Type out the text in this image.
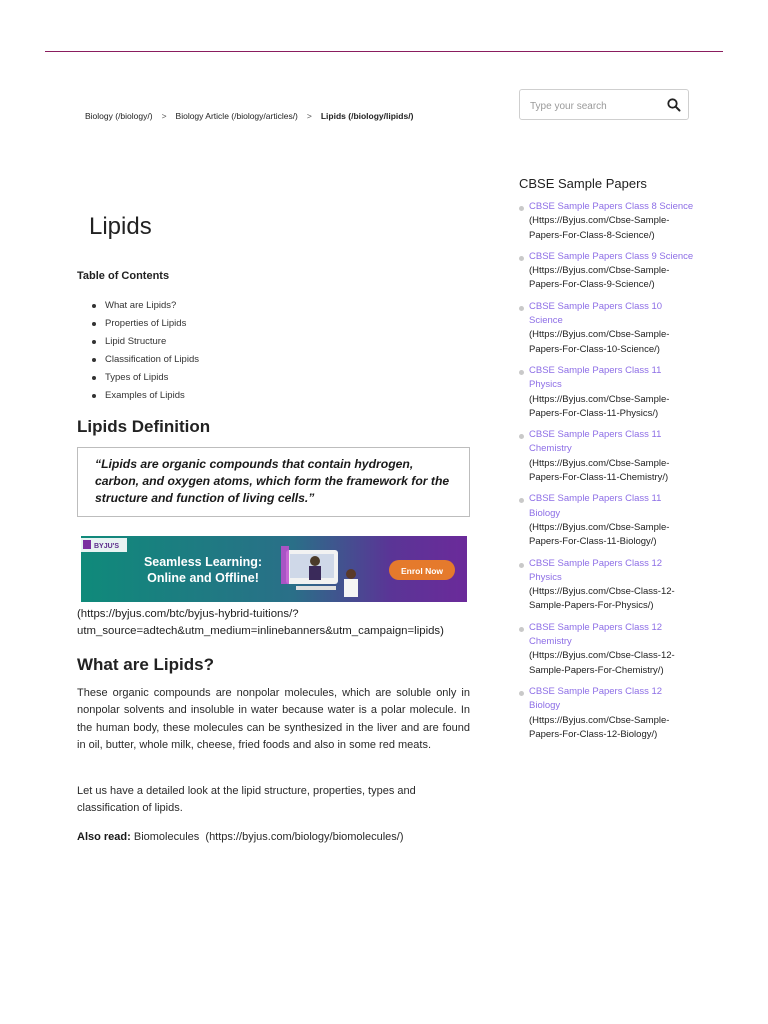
Biology (/biology/) > Biology Article (/biology/articles/) > Lipids (/biology/lipids/)
Type your search
Lipids
Table of Contents
What are Lipids?
Properties of Lipids
Lipid Structure
Classification of Lipids
Types of Lipids
Examples of Lipids
Lipids Definition
“Lipids are organic compounds that contain hydrogen, carbon, and oxygen atoms, which form the framework for the structure and function of living cells.”
BYJU'S
Seamless Learning:
Online and Offline!	Enrol Now
(https://byjus.com/btc/byjus-hybrid-tuitions/?utm_source=adtech&utm_medium=inlinebanners&utm_campaign=lipids)
What are Lipids?

These organic compounds are nonpolar molecules, which are soluble only in nonpolar solvents and insoluble in water because water is a polar molecule. In the human body, these molecules can be synthesized in the liver and are found in oil, butter, whole milk, cheese, fried foods and also in some red meats.

Let us have a detailed look at the lipid structure, properties, types and classification of lipids.

Also read: Biomolecules (https://byjus.com/biology/biomolecules/)
CBSE Sample Papers
CBSE Sample Papers Class 8 Science
(Https://Byjus.com/Cbse-Sample-Papers-For-Class-8-Science/)
CBSE Sample Papers Class 9 Science
(Https://Byjus.com/Cbse-Sample-Papers-For-Class-9-Science/)
CBSE Sample Papers Class 10 Science
(Https://Byjus.com/Cbse-Sample-Papers-For-Class-10-Science/)
CBSE Sample Papers Class 11 Physics
(Https://Byjus.com/Cbse-Sample-Papers-For-Class-11-Physics/)
CBSE Sample Papers Class 11 Chemistry
(Https://Byjus.com/Cbse-Sample-Papers-For-Class-11-Chemistry/)
CBSE Sample Papers Class 11 Biology
(Https://Byjus.com/Cbse-Sample-Papers-For-Class-11-Biology/)
CBSE Sample Papers Class 12 Physics
(Https://Byjus.com/Cbse-Class-12-Sample-Papers-For-Physics/)
CBSE Sample Papers Class 12 Chemistry
(Https://Byjus.com/Cbse-Class-12-Sample-Papers-For-Chemistry/)
CBSE Sample Papers Class 12 Biology
(Https://Byjus.com/Cbse-Sample-Papers-For-Class-12-Biology/)
